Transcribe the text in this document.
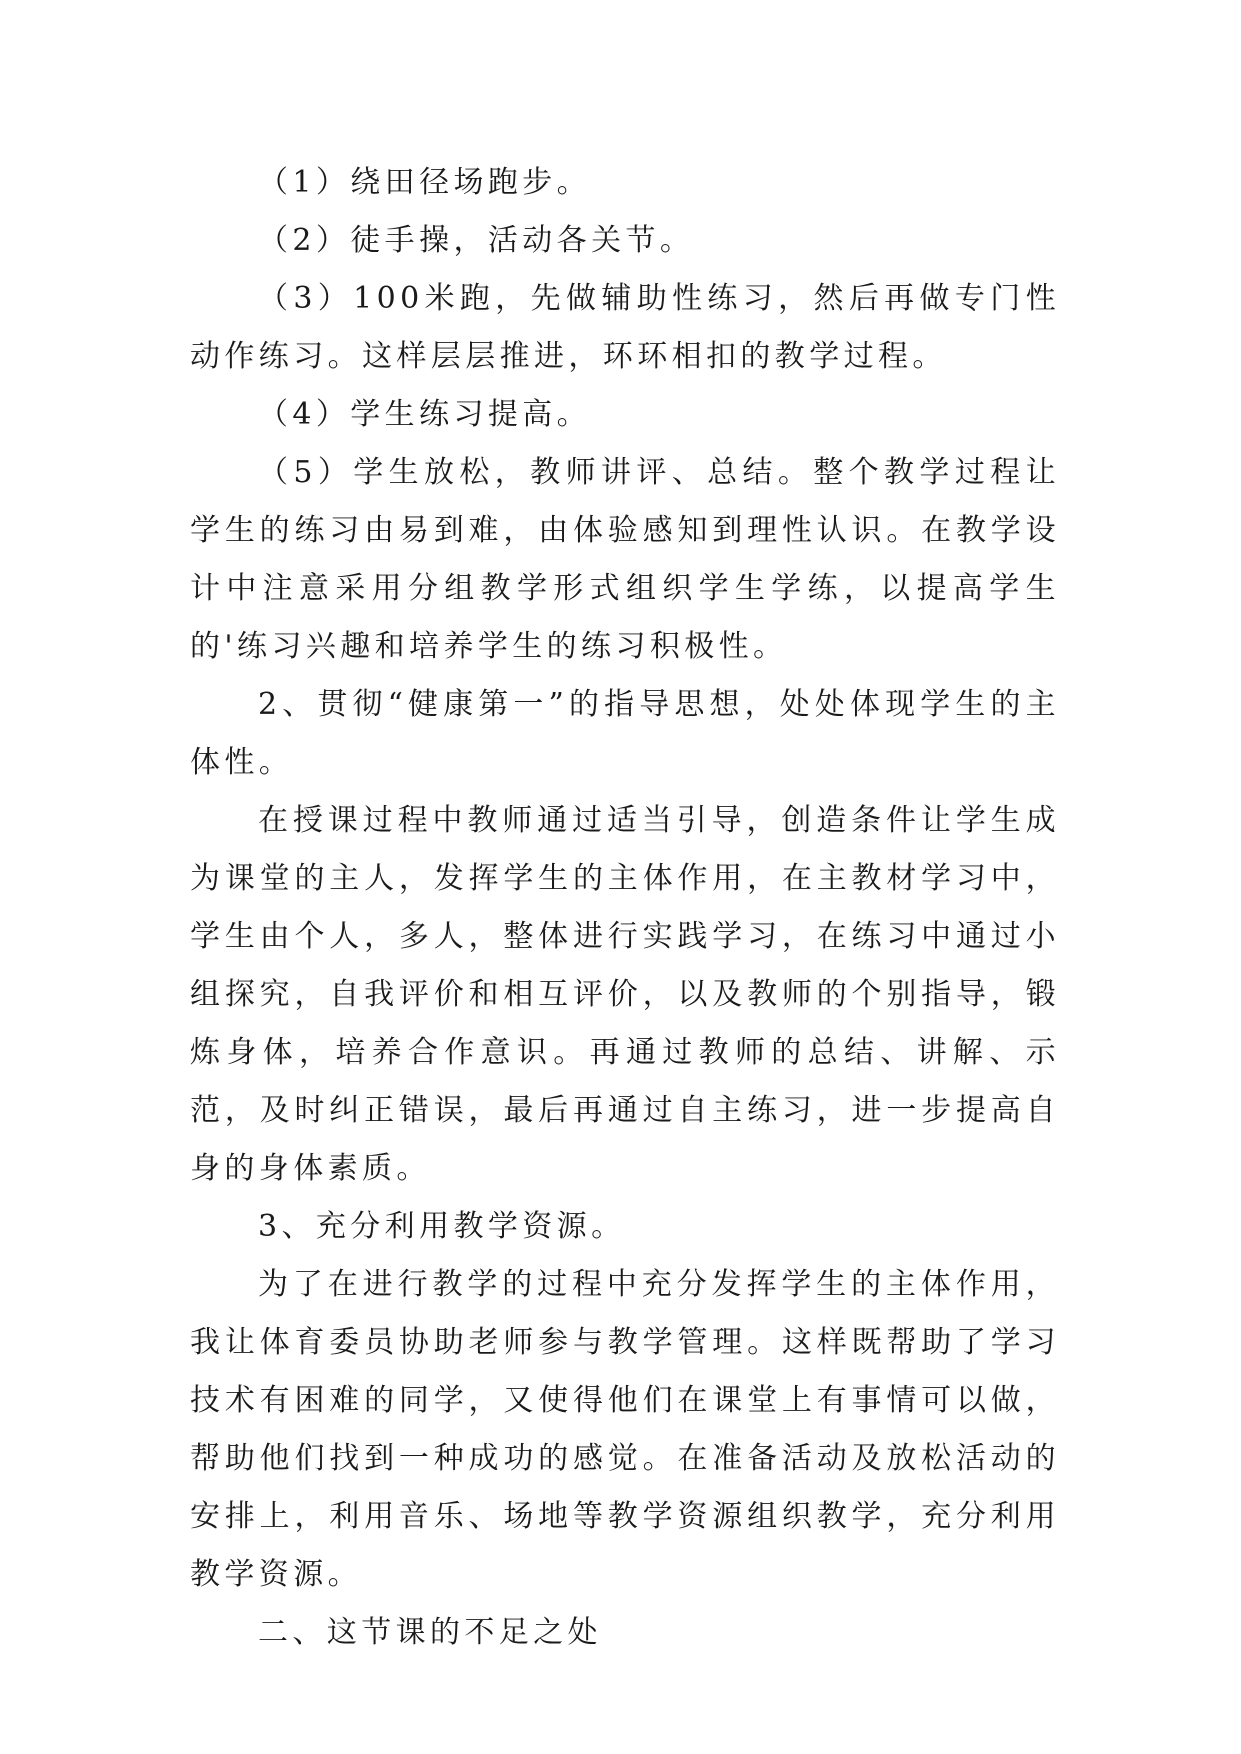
（1）绕田径场跑步。

（2）徒手操，活动各关节。

（3）100米跑，先做辅助性练习，然后再做专门性动作练习。这样层层推进，环环相扣的教学过程。

（4）学生练习提高。

（5）学生放松，教师讲评、总结。整个教学过程让学生的练习由易到难，由体验感知到理性认识。在教学设计中注意采用分组教学形式组织学生学练，以提高学生的'练习兴趣和培养学生的练习积极性。

2、贯彻“健康第一”的指导思想，处处体现学生的主体性。

在授课过程中教师通过适当引导，创造条件让学生成为课堂的主人，发挥学生的主体作用，在主教材学习中，学生由个人，多人，整体进行实践学习，在练习中通过小组探究，自我评价和相互评价，以及教师的个别指导，锻炼身体，培养合作意识。再通过教师的总结、讲解、示范，及时纠正错误，最后再通过自主练习，进一步提高自身的身体素质。

3、充分利用教学资源。

为了在进行教学的过程中充分发挥学生的主体作用，我让体育委员协助老师参与教学管理。这样既帮助了学习技术有困难的同学，又使得他们在课堂上有事情可以做，帮助他们找到一种成功的感觉。在准备活动及放松活动的安排上，利用音乐、场地等教学资源组织教学，充分利用教学资源。

二、这节课的不足之处
